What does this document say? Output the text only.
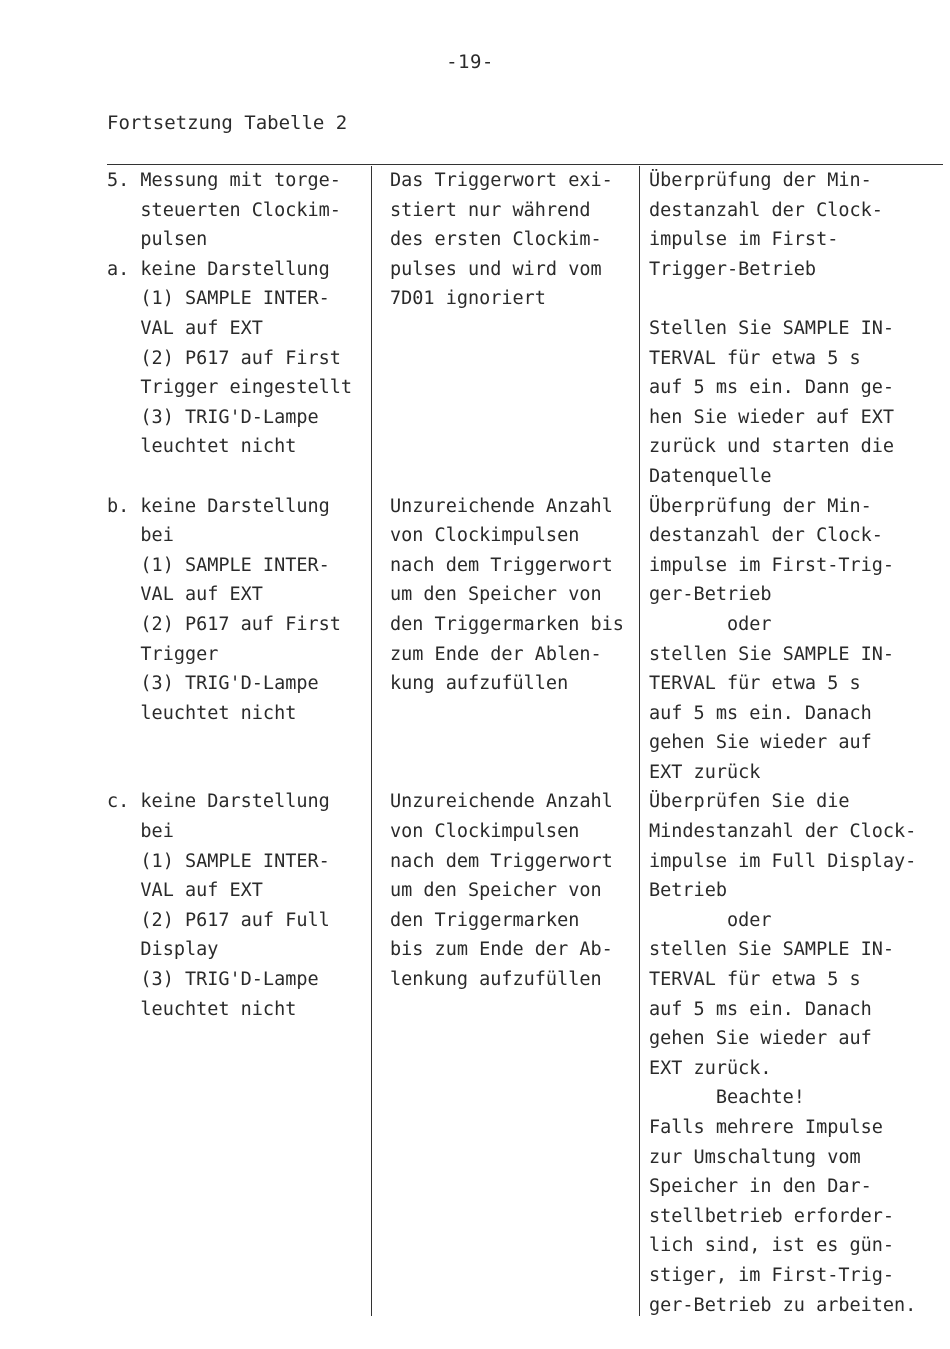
-19-
Fortsetzung Tabelle 2
5. Messung mit torge-
steuerten Clockim-
pulsen
a. keine Darstellung
(1) SAMPLE INTER-
VAL auf EXT
(2) P617 auf First
Trigger eingestellt
(3) TRIG'D-Lampe
leuchtet nicht
b. keine Darstellung
bei
(1) SAMPLE INTER-
VAL auf EXT
(2) P617 auf First
Trigger
(3) TRIG'D-Lampe
leuchtet nicht
c. keine Darstellung
bei
(1) SAMPLE INTER-
VAL auf EXT
(2) P617 auf Full
Display
(3) TRIG'D-Lampe
leuchtet nicht
Das Triggerwort exi-
stiert nur während
des ersten Clockim-
pulses und wird vom
7D01 ignoriert
Unzureichende Anzahl
von Clockimpulsen
nach dem Triggerwort
um den Speicher von
den Triggermarken bis
zum Ende der Ablen-
kung aufzufüllen
Unzureichende Anzahl
von Clockimpulsen
nach dem Triggerwort
um den Speicher von
den Triggermarken
bis zum Ende der Ab-
lenkung aufzufüllen
Überprüfung der Min-
destanzahl der Clock-
impulse im First-
Trigger-Betrieb
Stellen Sie SAMPLE IN-
TERVAL für etwa 5 s
auf 5 ms ein. Dann ge-
hen Sie wieder auf EXT
zurück und starten die
Datenquelle
Überprüfung der Min-
destanzahl der Clock-
impulse im First-Trig-
ger-Betrieb
oder
stellen Sie SAMPLE IN-
TERVAL für etwa 5 s
auf 5 ms ein. Danach
gehen Sie wieder auf
EXT zurück
Überprüfen Sie die
Mindestanzahl der Clock-
impulse im Full Display-
Betrieb
oder
stellen Sie SAMPLE IN-
TERVAL für etwa 5 s
auf 5 ms ein. Danach
gehen Sie wieder auf
EXT zurück.
Beachte!
Falls mehrere Impulse
zur Umschaltung vom
Speicher in den Dar-
stellbetrieb erforder-
lich sind, ist es gün-
stiger, im First-Trig-
ger-Betrieb zu arbeiten.
